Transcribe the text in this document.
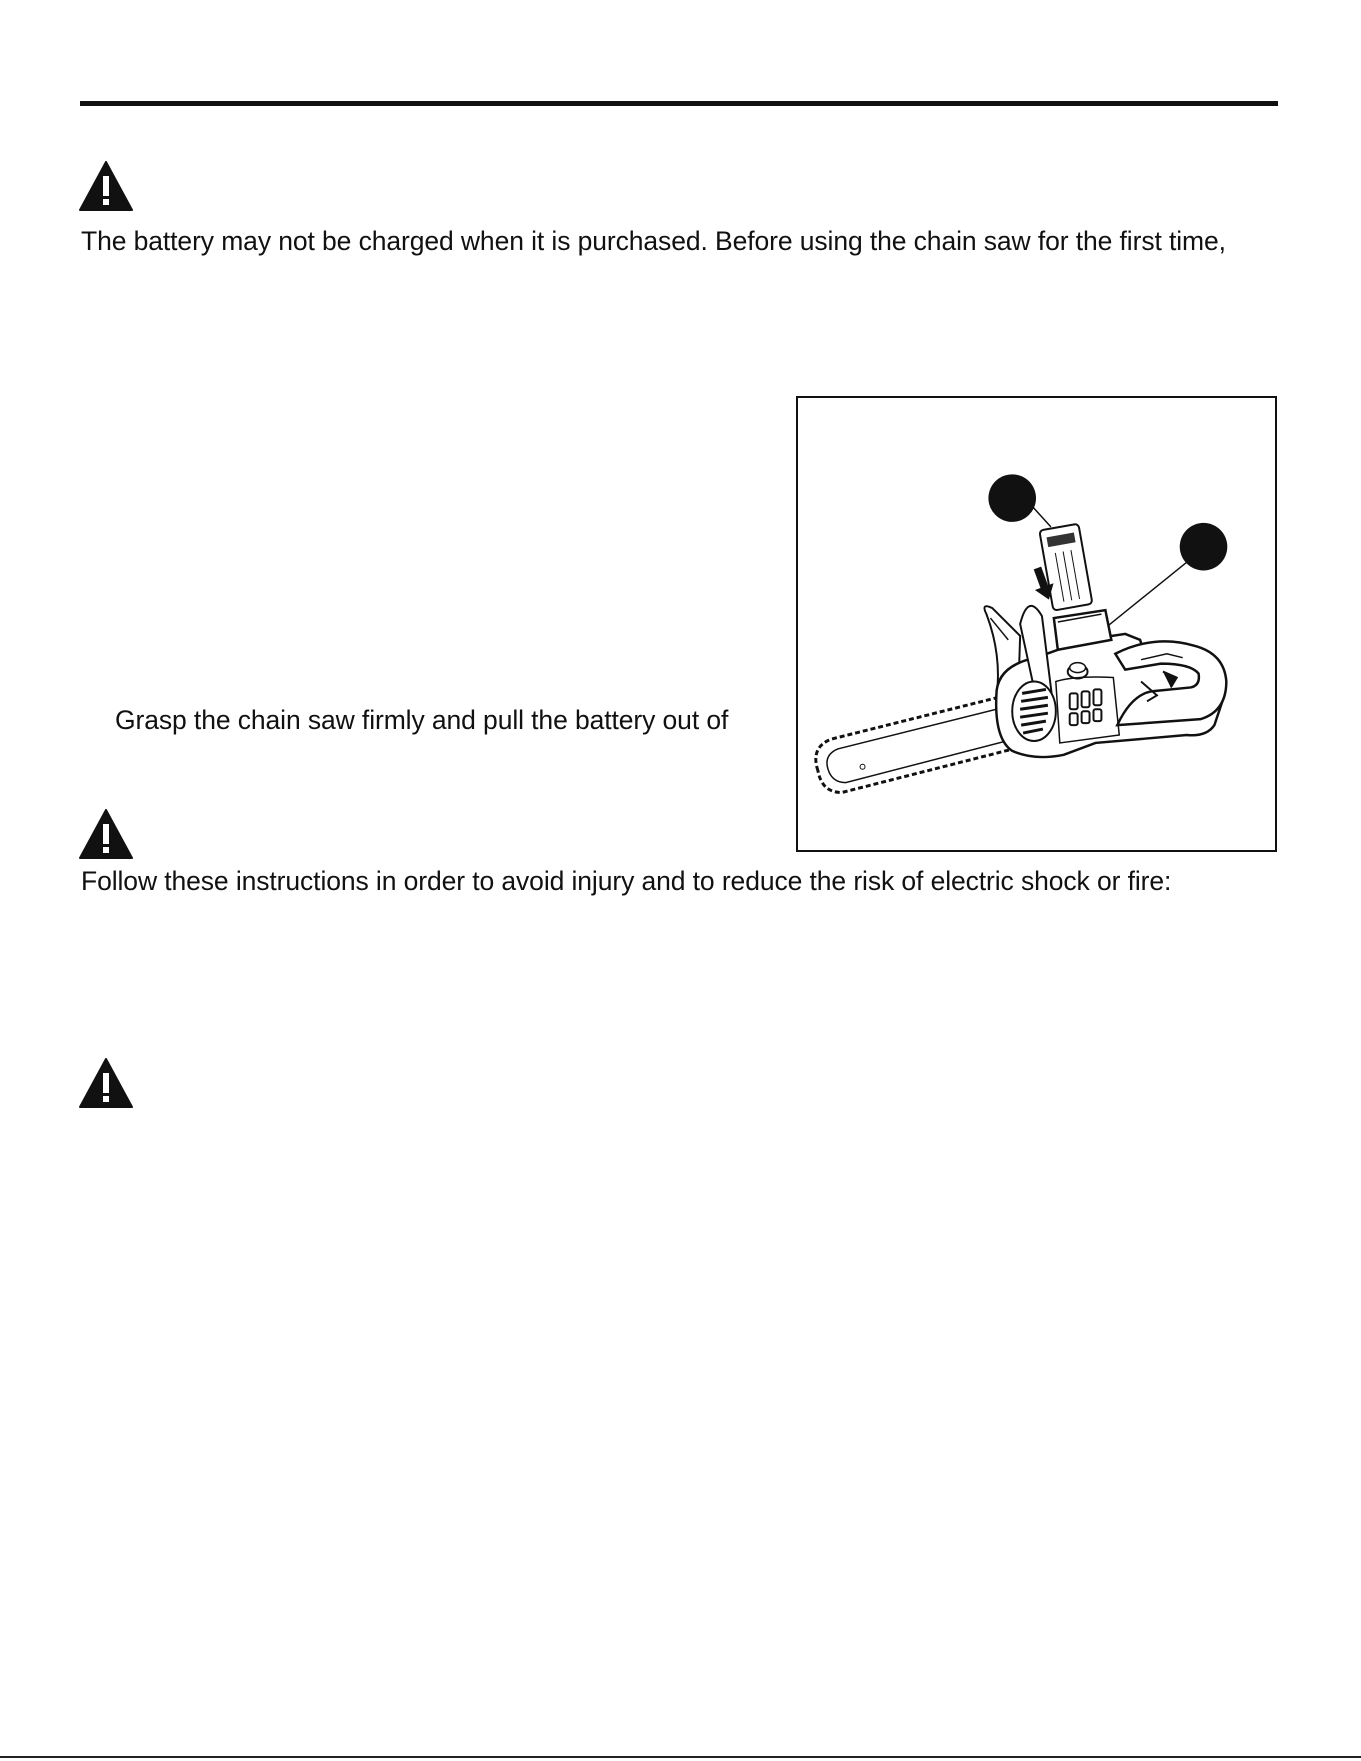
The battery may not be charged when it is purchased. Before using the chain saw for the first time,
Grasp the chain saw firmly and pull the battery out of
Follow these instructions in order to avoid injury and to reduce the risk of electric shock or fire:
